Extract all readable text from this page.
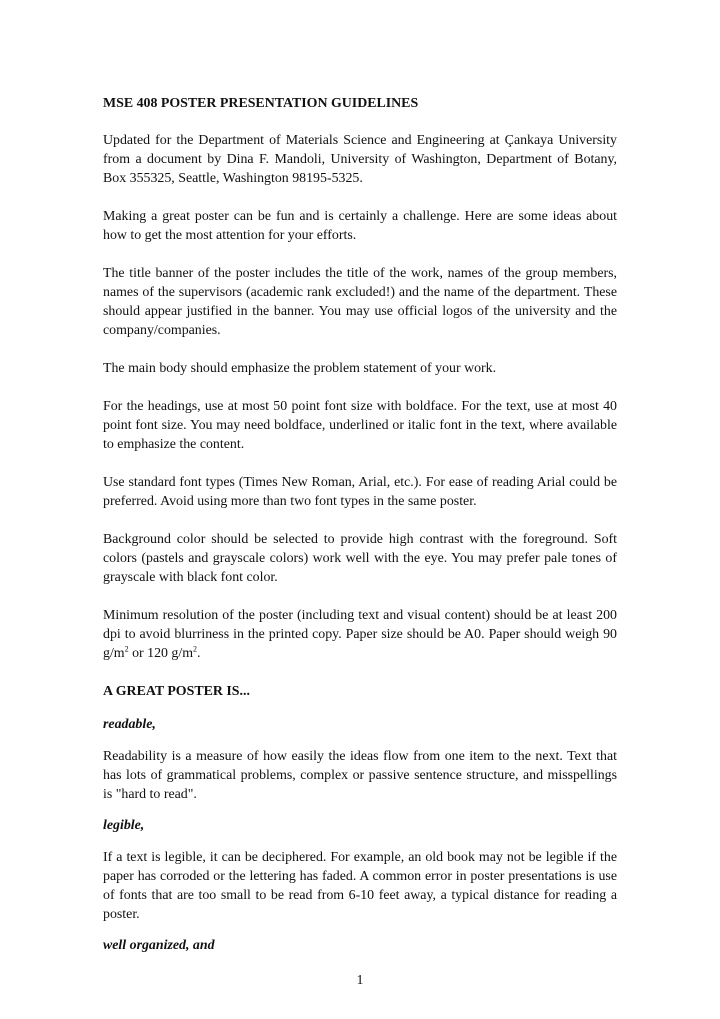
MSE 408 POSTER PRESENTATION GUIDELINES

Updated for the Department of Materials Science and Engineering at Çankaya University from a document by Dina F. Mandoli, University of Washington, Department of Botany, Box 355325, Seattle, Washington 98195-5325.

Making a great poster can be fun and is certainly a challenge. Here are some ideas about how to get the most attention for your efforts.

The title banner of the poster includes the title of the work, names of the group members, names of the supervisors (academic rank excluded!) and the name of the department. These should appear justified in the banner. You may use official logos of the university and the company/companies.

The main body should emphasize the problem statement of your work.

For the headings, use at most 50 point font size with boldface. For the text, use at most 40 point font size. You may need boldface, underlined or italic font in the text, where available to emphasize the content.

Use standard font types (Times New Roman, Arial, etc.). For ease of reading Arial could be preferred. Avoid using more than two font types in the same poster.

Background color should be selected to provide high contrast with the foreground. Soft colors (pastels and grayscale colors) work well with the eye. You may prefer pale tones of grayscale with black font color.

Minimum resolution of the poster (including text and visual content) should be at least 200 dpi to avoid blurriness in the printed copy. Paper size should be A0. Paper should weigh 90 $g/m^2$ or 120 $g/m^2$.

A GREAT POSTER IS...

readable,

Readability is a measure of how easily the ideas flow from one item to the next. Text that has lots of grammatical problems, complex or passive sentence structure, and misspellings is "hard to read".

legible,

If a text is legible, it can be deciphered. For example, an old book may not be legible if the paper has corroded or the lettering has faded. A common error in poster presentations is use of fonts that are too small to be read from 6-10 feet away, a typical distance for reading a poster.

well organized, and

1
